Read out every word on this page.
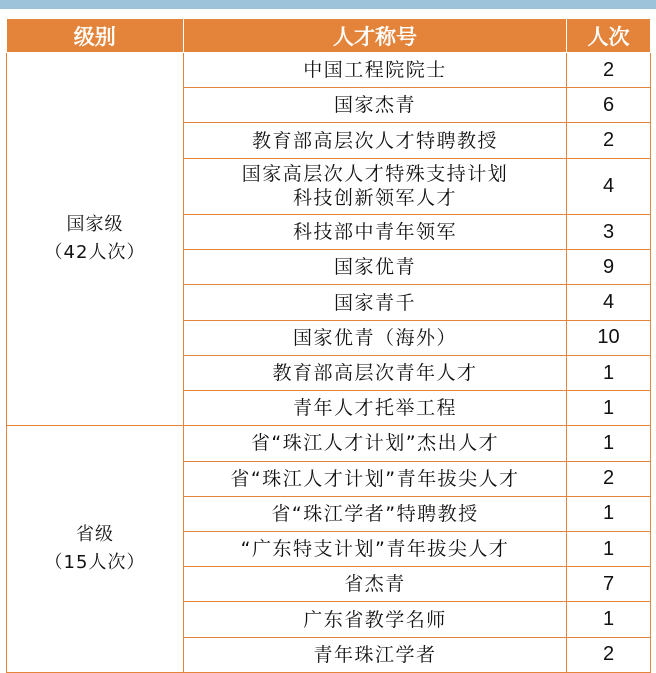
级别	人才称号	人次

国家级
（42人次）	中国工程院院士	2
	国家杰青	6
	教育部高层次人才特聘教授	2

	国家高层次人才特殊支持计划
科技创新领军人才	4
	科技部中青年领军	3
	国家优青	9
	国家青千	4
	国家优青（海外）	10
	教育部高层次青年人才	1
	青年人才托举工程	1

省级
（15人次）	省“珠江人才计划”杰出人才	1
	省“珠江人才计划”青年拔尖人才	2
	省“珠江学者”特聘教授	1
	“广东特支计划”青年拔尖人才	1
	省杰青	7
	广东省教学名师	1
	青年珠江学者	2
